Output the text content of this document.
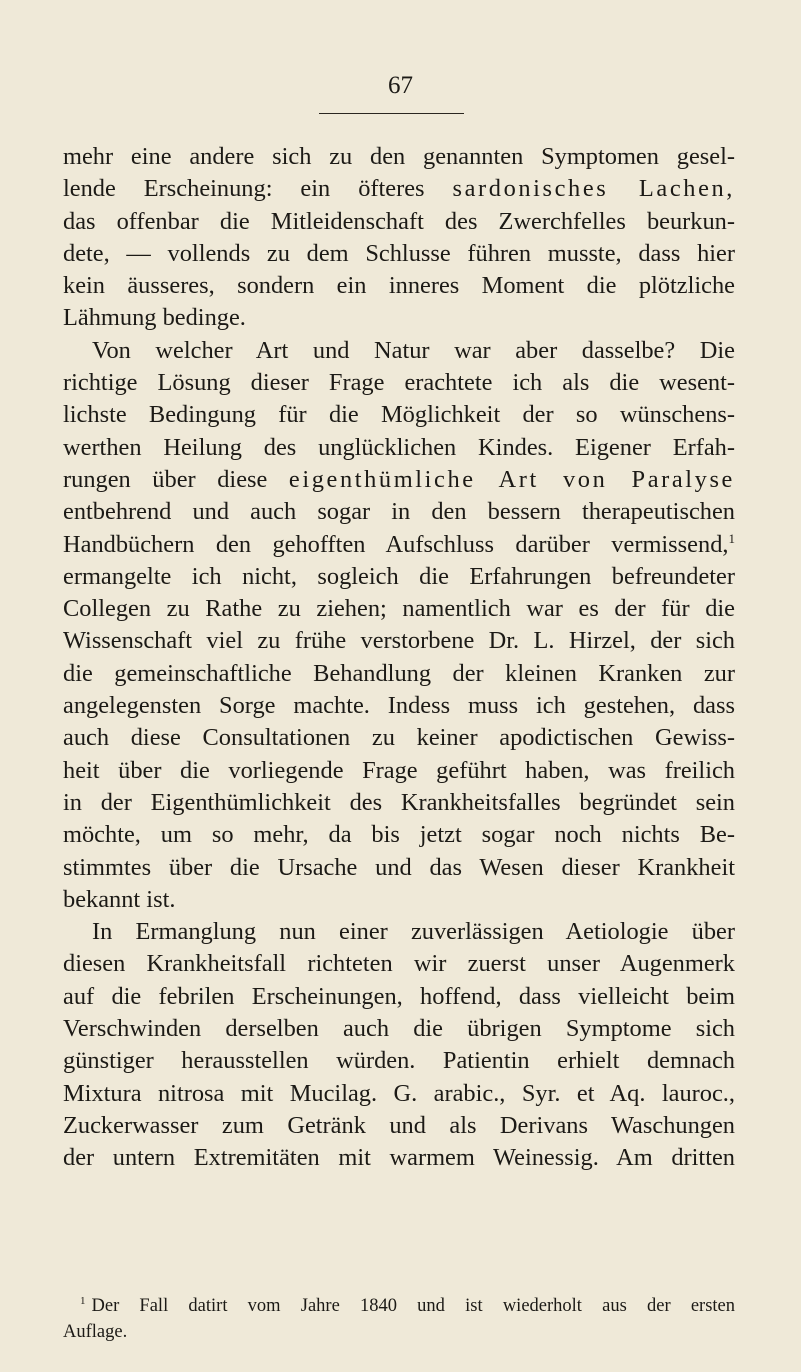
67
mehr eine andere sich zu den genannten Symptomen gesel-
lende Erscheinung: ein öfteres sardonisches Lachen,
das offenbar die Mitleidenschaft des Zwerchfelles beurkun-
dete, — vollends zu dem Schlusse führen musste, dass hier
kein äusseres, sondern ein inneres Moment die plötzliche
Lähmung bedinge.
Von welcher Art und Natur war aber dasselbe? Die
richtige Lösung dieser Frage erachtete ich als die wesent-
lichste Bedingung für die Möglichkeit der so wünschens-
werthen Heilung des unglücklichen Kindes. Eigener Erfah-
rungen über diese eigenthümliche Art von Paralyse
entbehrend und auch sogar in den bessern therapeutischen
Handbüchern den gehofften Aufschluss darüber vermissend,$^1$
ermangelte ich nicht, sogleich die Erfahrungen befreundeter
Collegen zu Rathe zu ziehen; namentlich war es der für die
Wissenschaft viel zu frühe verstorbene Dr. L. Hirzel, der sich
die gemeinschaftliche Behandlung der kleinen Kranken zur
angelegensten Sorge machte. Indess muss ich gestehen, dass
auch diese Consultationen zu keiner apodictischen Gewiss-
heit über die vorliegende Frage geführt haben, was freilich
in der Eigenthümlichkeit des Krankheitsfalles begründet sein
möchte, um so mehr, da bis jetzt sogar noch nichts Be-
stimmtes über die Ursache und das Wesen dieser Krankheit
bekannt ist.
In Ermanglung nun einer zuverlässigen Aetiologie über
diesen Krankheitsfall richteten wir zuerst unser Augenmerk
auf die febrilen Erscheinungen, hoffend, dass vielleicht beim
Verschwinden derselben auch die übrigen Symptome sich
günstiger herausstellen würden. Patientin erhielt demnach
Mixtura nitrosa mit Mucilag. G. arabic., Syr. et Aq. lauroc.,
Zuckerwasser zum Getränk und als Derivans Waschungen
der untern Extremitäten mit warmem Weinessig. Am dritten
$^1$ Der Fall datirt vom Jahre 1840 und ist wiederholt aus der ersten
Auflage.
